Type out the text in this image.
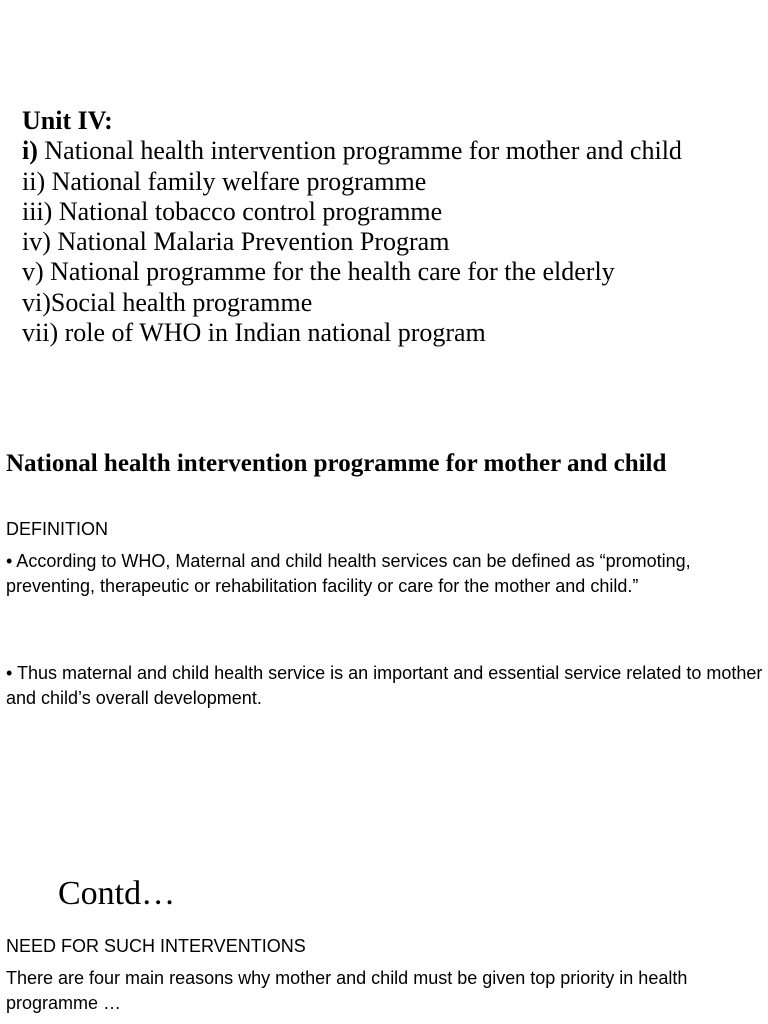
Unit IV:
i) National health intervention programme for mother and child
ii) National family welfare programme
iii) National tobacco control programme
iv) National Malaria Prevention Program
v) National programme for the health care for the elderly
vi)Social health programme
vii) role of WHO in Indian national program
National health intervention programme for mother and child
DEFINITION
• According to WHO, Maternal and child health services can be defined as “promoting, preventing, therapeutic or rehabilitation facility or care for the mother and child.”
• Thus maternal and child health service is an important and essential service related to mother and child’s overall development.
Contd…
NEED FOR SUCH INTERVENTIONS
There are four main reasons why mother and child must be given top priority in health programme …
